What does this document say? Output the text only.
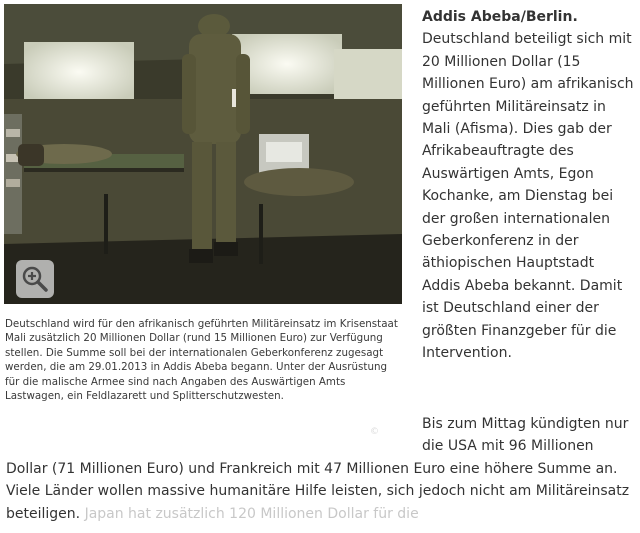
Deutschland wird für den afrikanisch geführten Militäreinsatz im Krisenstaat Mali zusätzlich 20 Millionen Dollar (rund 15 Millionen Euro) zur Verfügung stellen. Die Summe soll bei der internationalen Geberkonferenz zugesagt werden, die am 29.01.2013 in Addis Abeba begann. Unter der Ausrüstung für die malische Armee sind nach Angaben des Auswärtigen Amts Lastwagen, ein Feldlazarett und Splitterschutzwesten.

Addis Abeba/Berlin.
Deutschland beteiligt sich mit 20 Millionen Dollar (15 Millionen Euro) am afrikanisch geführten Militäreinsatz in Mali (Afisma). Dies gab der Afrikabeauftragte des Auswärtigen Amts, Egon Kochanke, am Dienstag bei der großen internationalen Geberkonferenz in der äthiopischen Hauptstadt Addis Abeba bekannt. Damit ist Deutschland einer der größten Finanzgeber für die Intervention.

Bis zum Mittag kündigten nur die USA mit 96 Millionen

©

Dollar (71 Millionen Euro) und Frankreich mit 47 Millionen Euro eine höhere Summe an. Viele Länder wollen massive humanitäre Hilfe leisten, sich jedoch nicht am Militäreinsatz beteiligen. Japan hat zusätzlich 120 Millionen Dollar für die
